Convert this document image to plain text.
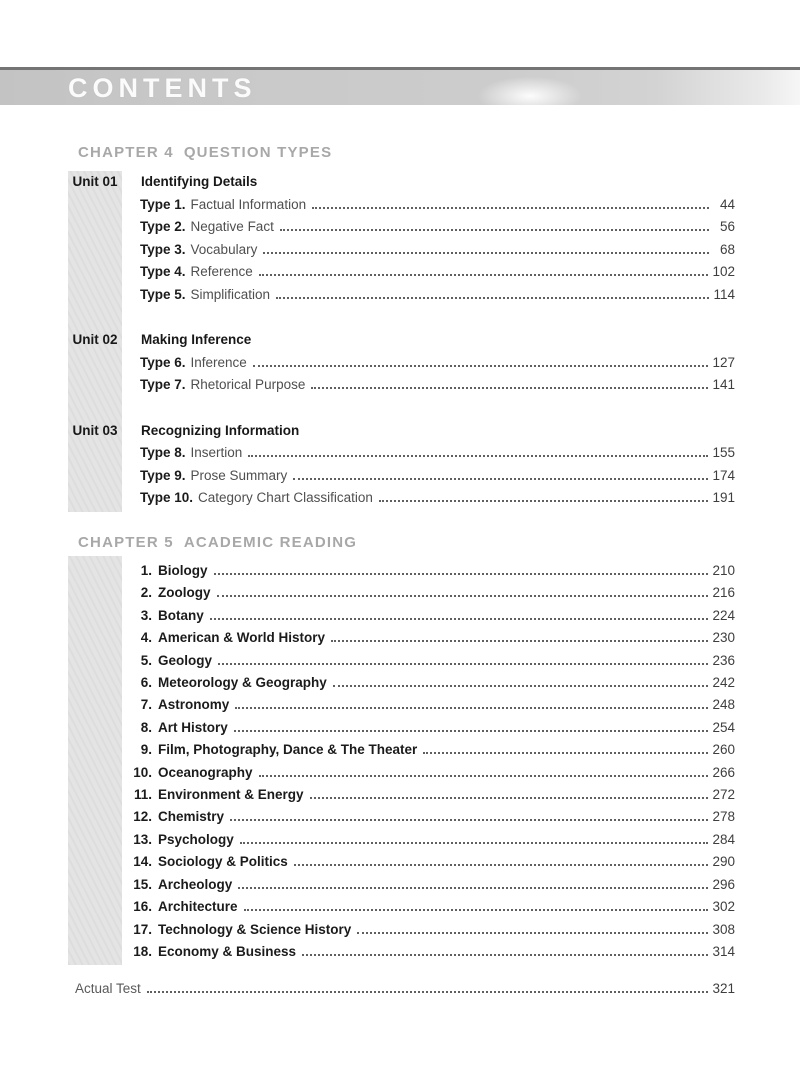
CONTENTS
CHAPTER 4 QUESTION TYPES
Unit 01	Identifying Details
Type 1. Factual Information	44
Type 2. Negative Fact	56
Type 3. Vocabulary	68
Type 4. Reference	102
Type 5. Simplification	114
Unit 02	Making Inference
Type 6. Inference	127
Type 7. Rhetorical Purpose	141
Unit 03	Recognizing Information
Type 8. Insertion	155
Type 9. Prose Summary	174
Type 10. Category Chart Classification	191
CHAPTER 5 ACADEMIC READING
1. Biology	210
2. Zoology	216
3. Botany	224
4. American & World History	230
5. Geology	236
6. Meteorology & Geography	242
7. Astronomy	248
8. Art History	254
9. Film, Photography, Dance & The Theater	260
10. Oceanography	266
11. Environment & Energy	272
12. Chemistry	278
13. Psychology	284
14. Sociology & Politics	290
15. Archeology	296
16. Architecture	302
17. Technology & Science History	308
18. Economy & Business	314
Actual Test	321
